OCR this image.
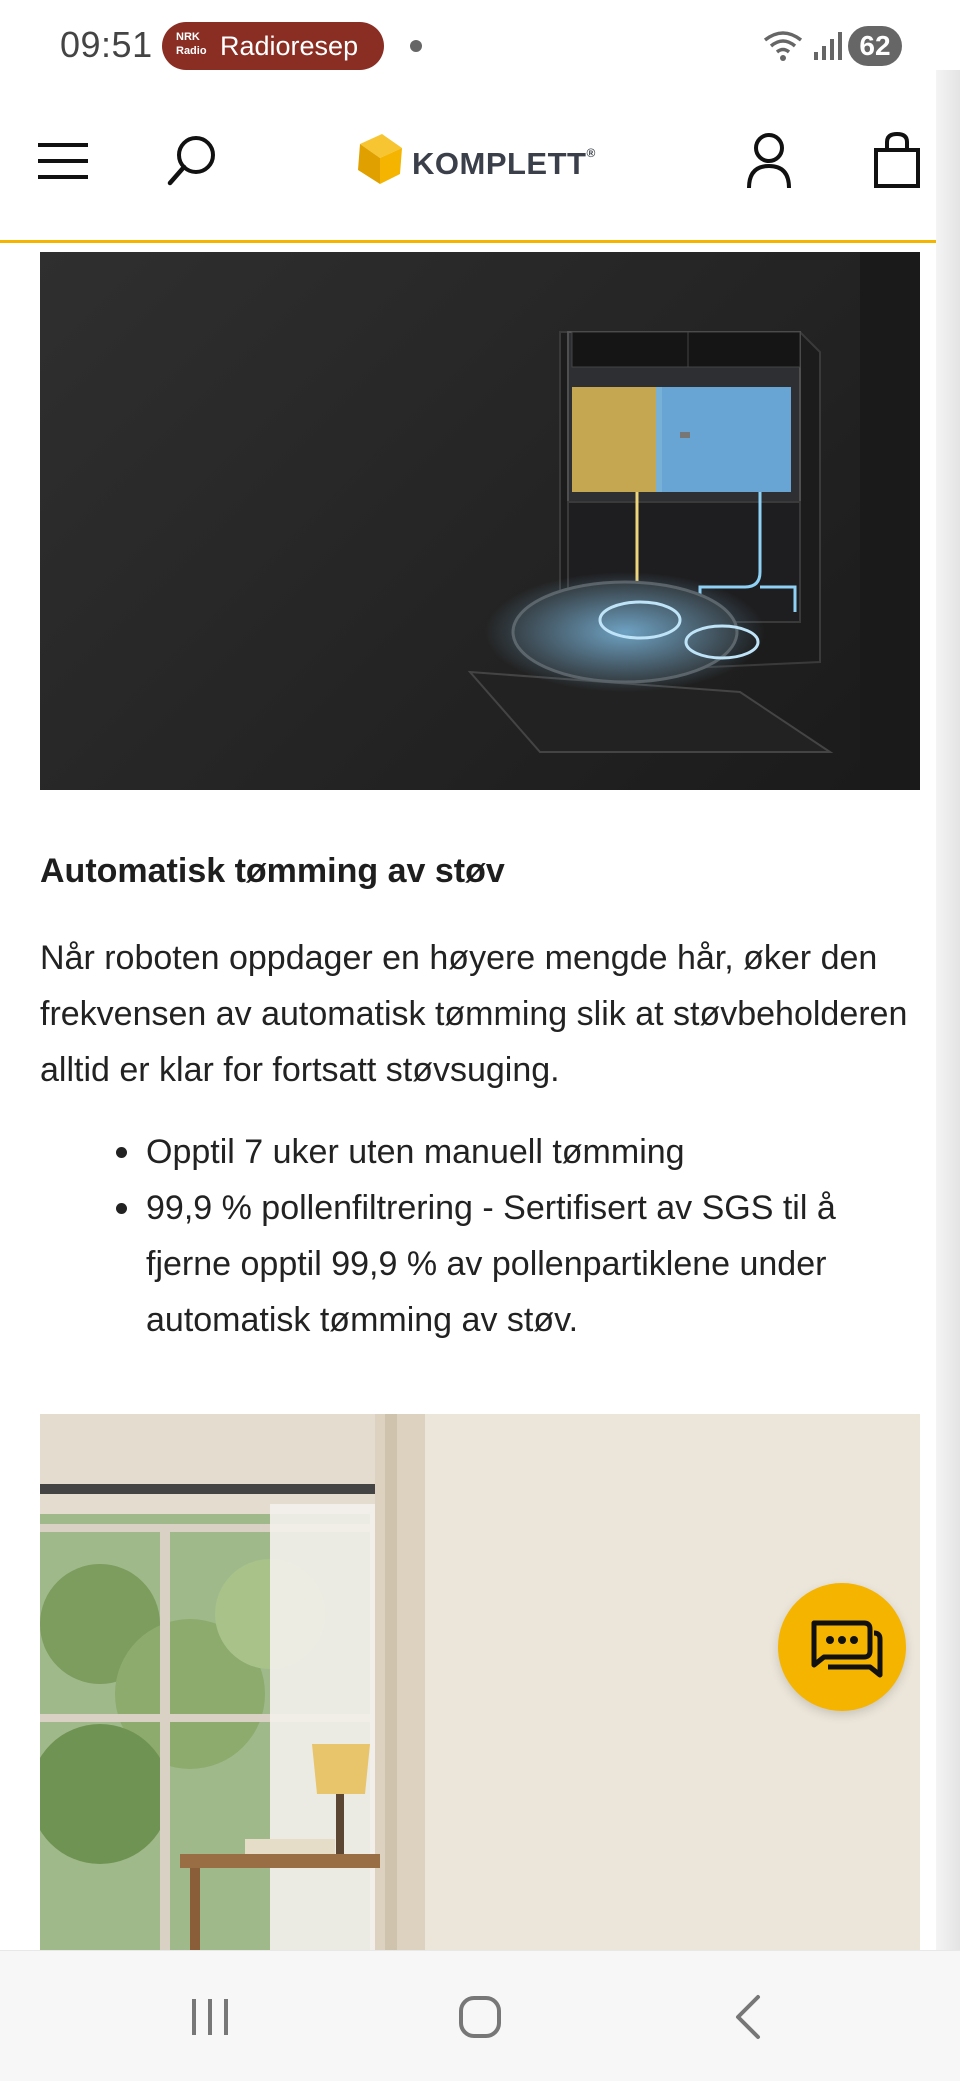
09:51 NRK
Radio Radioresep	62
KOMPLETT®
Automatisk tømming av støv

Når roboten oppdager en høyere mengde hår, øker den frekvensen av automatisk tømming slik at støvbeholderen alltid er klar for fortsatt støvsuging.

Opptil 7 uker uten manuell tømming
99,9 % pollenfiltrering - Sertifisert av SGS til å fjerne opptil 99,9 % av pollenpartiklene under automatisk tømming av støv.
